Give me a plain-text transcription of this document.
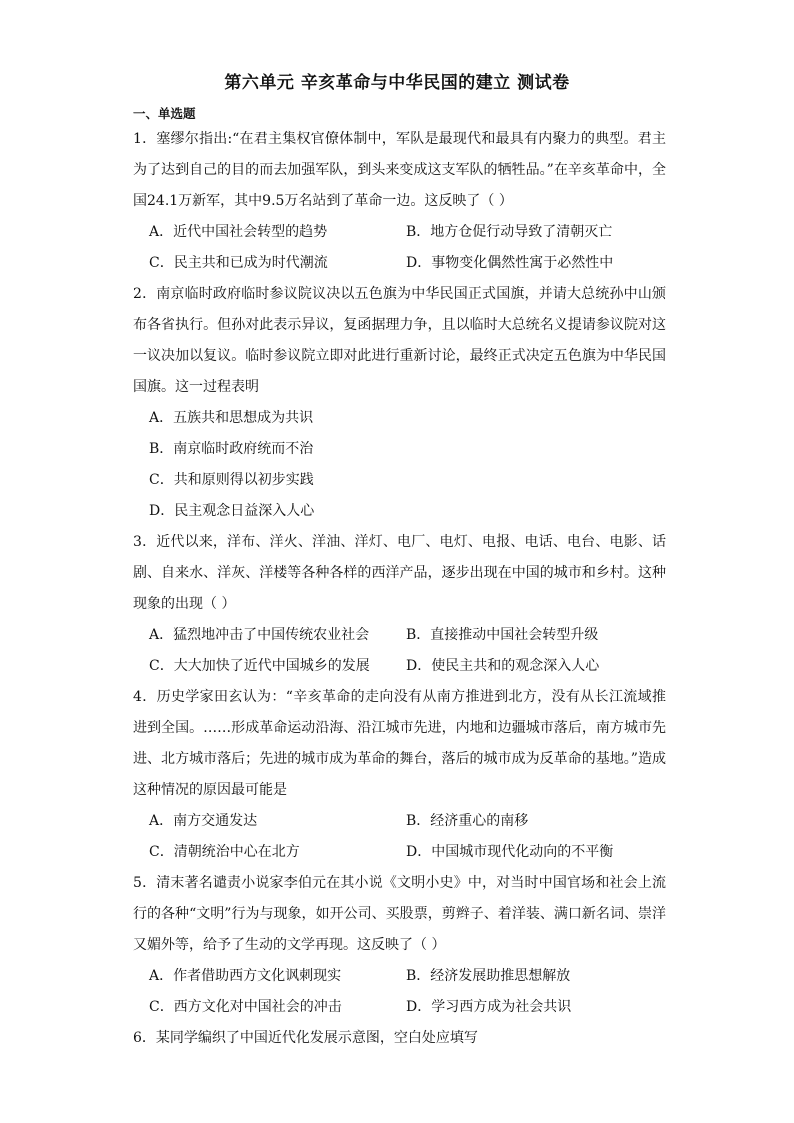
第六单元 辛亥革命与中华民国的建立 测试卷
一、单选题

1．塞缪尔指出:“在君主集权官僚体制中，军队是最现代和最具有内聚力的典型。君主为了达到自己的目的而去加强军队，到头来变成这支军队的牺牲品。”在辛亥革命中，全国24.1万新军，其中9.5万名站到了革命一边。这反映了（ ）

A．近代中国社会转型的趋势	B．地方仓促行动导致了清朝灭亡
C．民主共和已成为时代潮流	D．事物变化偶然性寓于必然性中

2．南京临时政府临时参议院议决以五色旗为中华民国正式国旗，并请大总统孙中山颁布各省执行。但孙对此表示异议，复函据理力争，且以临时大总统名义提请参议院对这一议决加以复议。临时参议院立即对此进行重新讨论，最终正式决定五色旗为中华民国国旗。这一过程表明

A．五族共和思想成为共识
B．南京临时政府统而不治
C．共和原则得以初步实践
D．民主观念日益深入人心

3．近代以来，洋布、洋火、洋油、洋灯、电厂、电灯、电报、电话、电台、电影、话剧、自来水、洋灰、洋楼等各种各样的西洋产品，逐步出现在中国的城市和乡村。这种现象的出现（ ）

A．猛烈地冲击了中国传统农业社会	B．直接推动中国社会转型升级
C．大大加快了近代中国城乡的发展	D．使民主共和的观念深入人心

4．历史学家田玄认为：“辛亥革命的走向没有从南方推进到北方，没有从长江流域推进到全国。……形成革命运动沿海、沿江城市先进，内地和边疆城市落后，南方城市先进、北方城市落后；先进的城市成为革命的舞台，落后的城市成为反革命的基地。”造成这种情况的原因最可能是

A．南方交通发达	B．经济重心的南移
C．清朝统治中心在北方	D．中国城市现代化动向的不平衡

5．清末著名谴责小说家李伯元在其小说《文明小史》中，对当时中国官场和社会上流行的各种“文明”行为与现象，如开公司、买股票，剪辫子、着洋装、满口新名词、崇洋又媚外等，给予了生动的文学再现。这反映了（ ）

A．作者借助西方文化讽刺现实	B．经济发展助推思想解放
C．西方文化对中国社会的冲击	D．学习西方成为社会共识

6．某同学编织了中国近代化发展示意图，空白处应填写
